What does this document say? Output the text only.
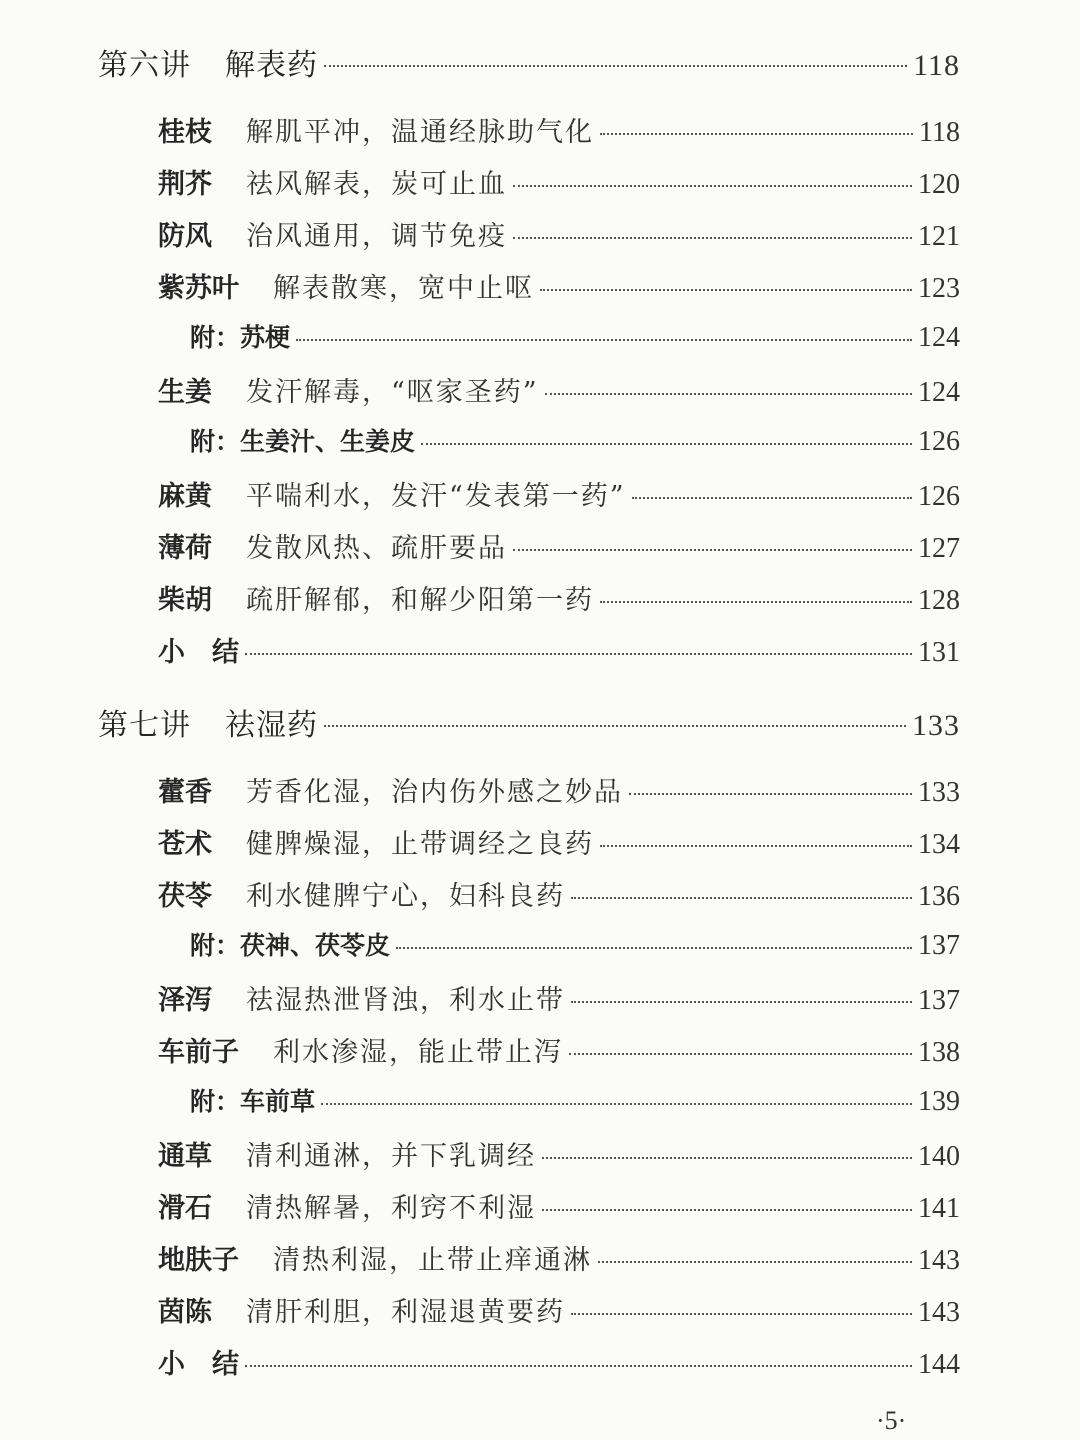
第六讲 解表药	118
桂枝 解肌平冲，温通经脉助气化	118
荆芥 祛风解表，炭可止血	120
防风 治风通用，调节免疫	121
紫苏叶 解表散寒，宽中止呕	123
附：苏梗	124
生姜 发汗解毒，“呕家圣药”	124
附：生姜汁、生姜皮	126
麻黄 平喘利水，发汗“发表第一药”	126
薄荷 发散风热、疏肝要品	127
柴胡 疏肝解郁，和解少阳第一药	128
小　结	131
第七讲 祛湿药	133
藿香 芳香化湿，治内伤外感之妙品	133
苍术 健脾燥湿，止带调经之良药	134
茯苓 利水健脾宁心，妇科良药	136
附：茯神、茯苓皮	137
泽泻 祛湿热泄肾浊，利水止带	137
车前子 利水渗湿，能止带止泻	138
附：车前草	139
通草 清利通淋，并下乳调经	140
滑石 清热解暑，利窍不利湿	141
地肤子 清热利湿，止带止痒通淋	143
茵陈 清肝利胆，利湿退黄要药	143
小　结	144
·5·
